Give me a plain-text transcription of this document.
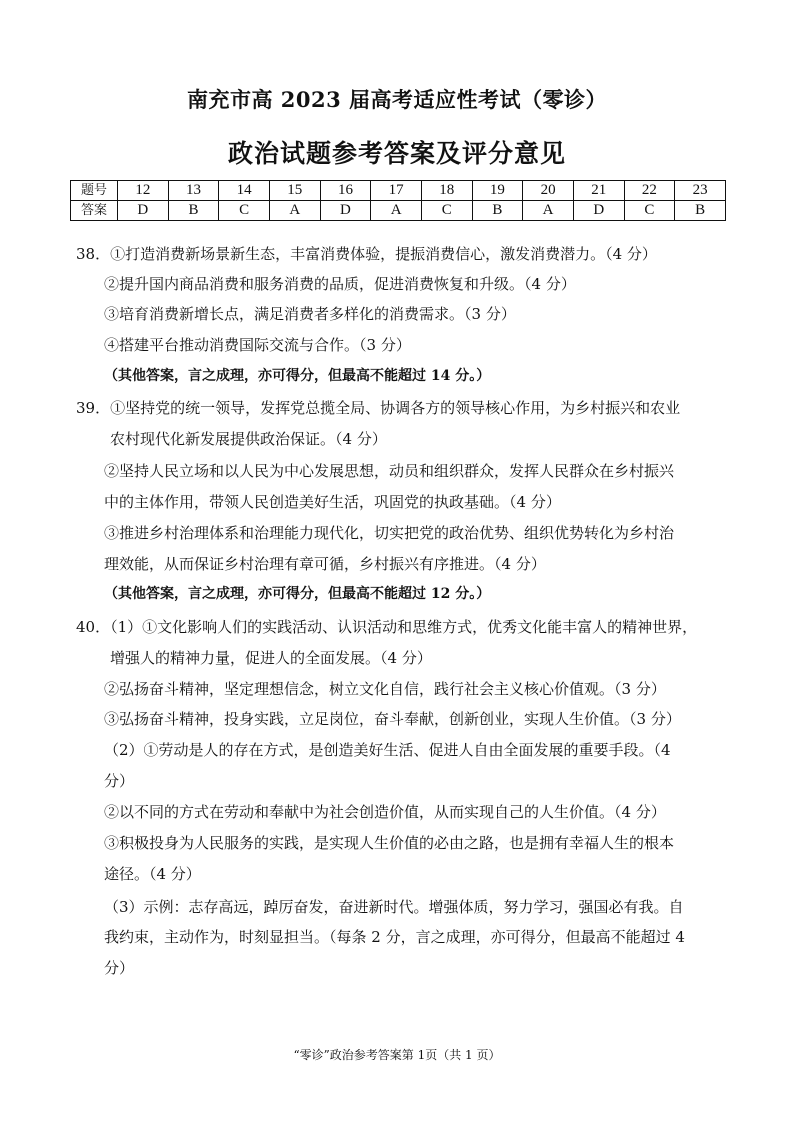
南充市高 2023 届高考适应性考试（零诊）
政治试题参考答案及评分意见
题号	12	13	14	15	16	17	18	19	20	21	22	23
答案	D	B	C	A	D	A	C	B	A	D	C	B
38．①打造消费新场景新生态，丰富消费体验，提振消费信心，激发消费潜力。（4 分）
②提升国内商品消费和服务消费的品质，促进消费恢复和升级。（4 分）
③培育消费新增长点，满足消费者多样化的消费需求。（3 分）
④搭建平台推动消费国际交流与合作。（3 分）
（其他答案，言之成理，亦可得分，但最高不能超过 14 分。）
39．①坚持党的统一领导，发挥党总揽全局、协调各方的领导核心作用，为乡村振兴和农业
农村现代化新发展提供政治保证。（4 分）
②坚持人民立场和以人民为中心发展思想，动员和组织群众，发挥人民群众在乡村振兴
中的主体作用，带领人民创造美好生活，巩固党的执政基础。（4 分）
③推进乡村治理体系和治理能力现代化，切实把党的政治优势、组织优势转化为乡村治
理效能，从而保证乡村治理有章可循，乡村振兴有序推进。（4 分）
（其他答案，言之成理，亦可得分，但最高不能超过 12 分。）
40．（1）①文化影响人们的实践活动、认识活动和思维方式，优秀文化能丰富人的精神世界，
增强人的精神力量，促进人的全面发展。（4 分）
②弘扬奋斗精神，坚定理想信念，树立文化自信，践行社会主义核心价值观。（3 分）
③弘扬奋斗精神，投身实践，立足岗位，奋斗奉献，创新创业，实现人生价值。（3 分）
（2）①劳动是人的存在方式，是创造美好生活、促进人自由全面发展的重要手段。（4
分）
②以不同的方式在劳动和奉献中为社会创造价值，从而实现自己的人生价值。（4 分）
③积极投身为人民服务的实践，是实现人生价值的必由之路，也是拥有幸福人生的根本
途径。（4 分）
（3）示例：志存高远，踔厉奋发，奋进新时代。增强体质，努力学习，强国必有我。自
我约束，主动作为，时刻显担当。（每条 2 分，言之成理，亦可得分，但最高不能超过 4
分）
“零诊”政治参考答案第 1页（共 1 页）
